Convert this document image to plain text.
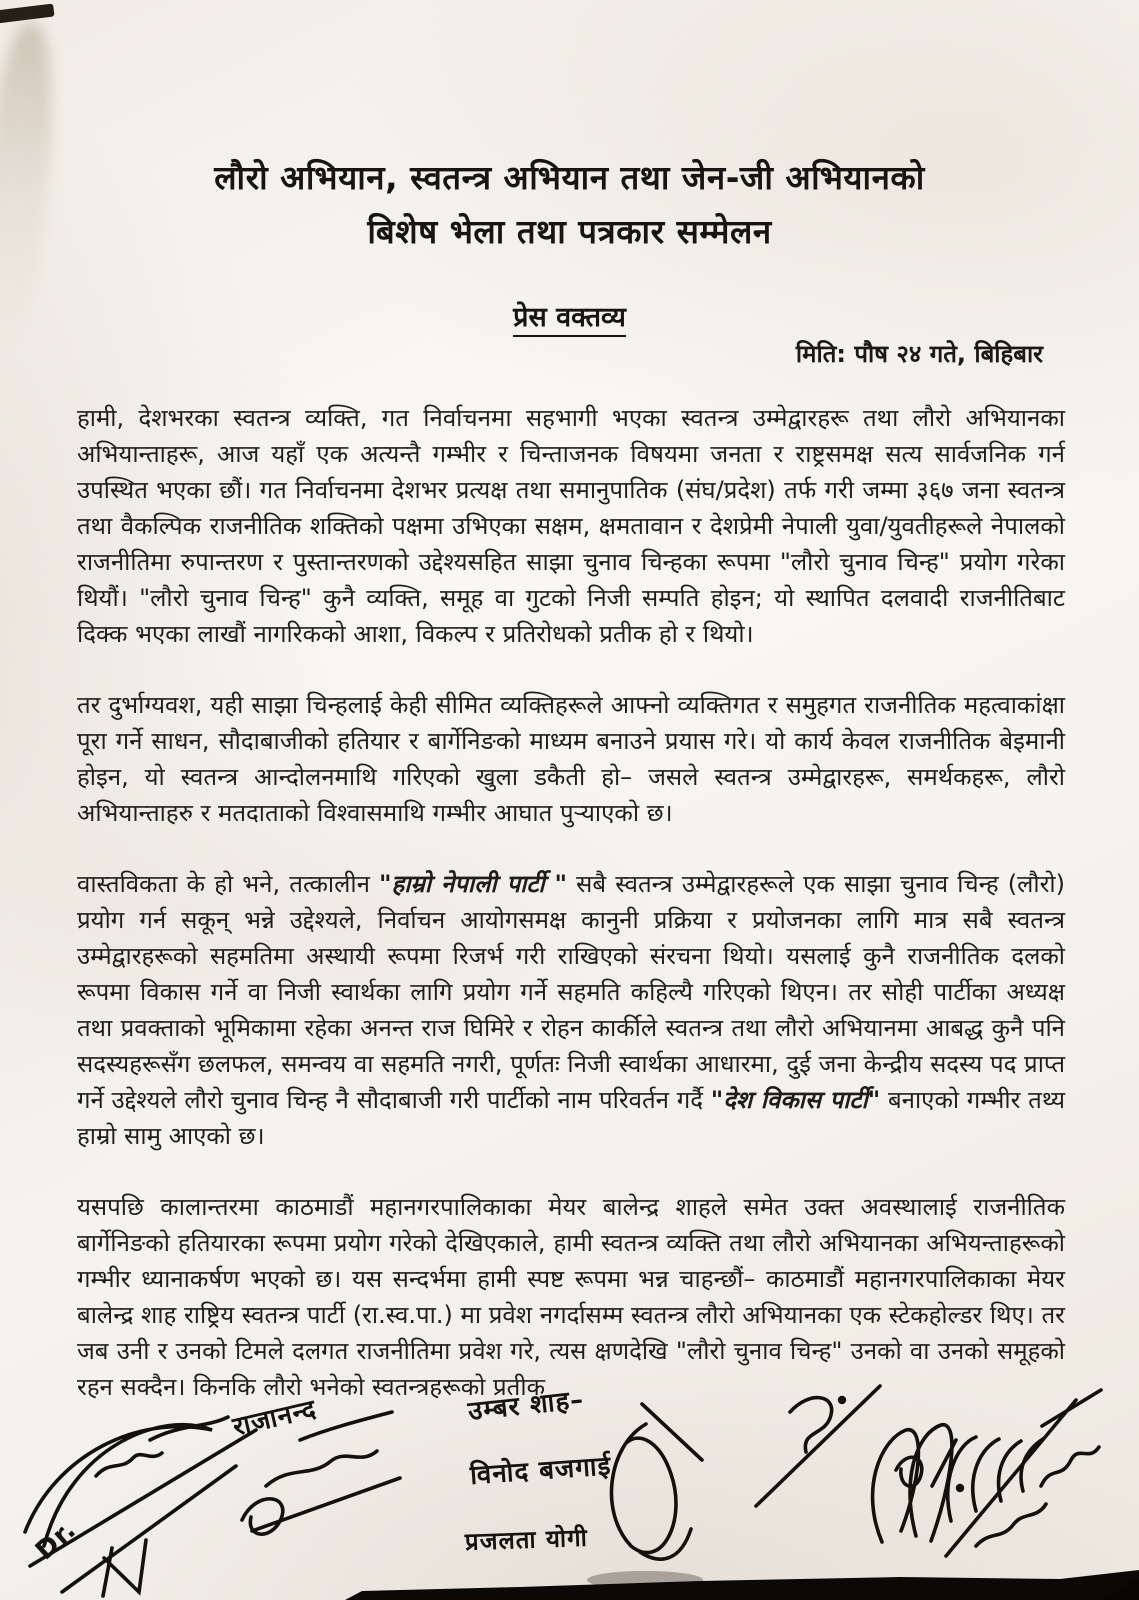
लौरो अभियान, स्वतन्त्र अभियान तथा जेन-जी अभियानको
बिशेष भेला तथा पत्रकार सम्मेलन
प्रेस वक्तव्य
मिति: पौष २४ गते, बिहिबार

हामी, देशभरका स्वतन्त्र व्यक्ति, गत निर्वाचनमा सहभागी भएका स्वतन्त्र उम्मेद्वारहरू तथा लौरो अभियानका अभियान्ताहरू, आज यहाँ एक अत्यन्तै गम्भीर र चिन्ताजनक विषयमा जनता र राष्ट्रसमक्ष सत्य सार्वजनिक गर्न उपस्थित भएका छौं। गत निर्वाचनमा देशभर प्रत्यक्ष तथा समानुपातिक (संघ/प्रदेश) तर्फ गरी जम्मा ३६७ जना स्वतन्त्र तथा वैकल्पिक राजनीतिक शक्तिको पक्षमा उभिएका सक्षम, क्षमतावान र देशप्रेमी नेपाली युवा/युवतीहरूले नेपालको राजनीतिमा रुपान्तरण र पुस्तान्तरणको उद्देश्यसहित साझा चुनाव चिन्हका रूपमा "लौरो चुनाव चिन्ह" प्रयोग गरेका थियौं। "लौरो चुनाव चिन्ह" कुनै व्यक्ति, समूह वा गुटको निजी सम्पति होइन; यो स्थापित दलवादी राजनीतिबाट दिक्क भएका लाखौं नागरिकको आशा, विकल्प र प्रतिरोधको प्रतीक हो र थियो।

तर दुर्भाग्यवश, यही साझा चिन्हलाई केही सीमित व्यक्तिहरूले आफ्नो व्यक्तिगत र समुहगत राजनीतिक महत्वाकांक्षा पूरा गर्ने साधन, सौदाबाजीको हतियार र बार्गेनिङको माध्यम बनाउने प्रयास गरे। यो कार्य केवल राजनीतिक बेइमानी होइन, यो स्वतन्त्र आन्दोलनमाथि गरिएको खुला डकैती हो– जसले स्वतन्त्र उम्मेद्वारहरू, समर्थकहरू, लौरो अभियान्ताहरु र मतदाताको विश्वासमाथि गम्भीर आघात पुऱ्याएको छ।

वास्तविकता के हो भने, तत्कालीन "हाम्रो नेपाली पार्टी " सबै स्वतन्त्र उम्मेद्वारहरूले एक साझा चुनाव चिन्ह (लौरो) प्रयोग गर्न सकून् भन्ने उद्देश्यले, निर्वाचन आयोगसमक्ष कानुनी प्रक्रिया र प्रयोजनका लागि मात्र सबै स्वतन्त्र उम्मेद्वारहरूको सहमतिमा अस्थायी रूपमा रिजर्भ गरी राखिएको संरचना थियो। यसलाई कुनै राजनीतिक दलको रूपमा विकास गर्ने वा निजी स्वार्थका लागि प्रयोग गर्ने सहमति कहिल्यै गरिएको थिएन। तर सोही पार्टीका अध्यक्ष तथा प्रवक्ताको भूमिकामा रहेका अनन्त राज घिमिरे र रोहन कार्कीले स्वतन्त्र तथा लौरो अभियानमा आबद्ध कुनै पनि सदस्यहरूसँग छलफल, समन्वय वा सहमति नगरी, पूर्णतः निजी स्वार्थका आधारमा, दुई जना केन्द्रीय सदस्य पद प्राप्त गर्ने उद्देश्यले लौरो चुनाव चिन्ह नै सौदाबाजी गरी पार्टीको नाम परिवर्तन गर्दै "देश विकास पार्टी" बनाएको गम्भीर तथ्य हाम्रो सामु आएको छ।

यसपछि कालान्तरमा काठमाडौं महानगरपालिकाका मेयर बालेन्द्र शाहले समेत उक्त अवस्थालाई राजनीतिक बार्गेनिङको हतियारका रूपमा प्रयोग गरेको देखिएकाले, हामी स्वतन्त्र व्यक्ति तथा लौरो अभियानका अभियन्ताहरूको गम्भीर ध्यानाकर्षण भएको छ। यस सन्दर्भमा हामी स्पष्ट रूपमा भन्न चाहन्छौं– काठमाडौं महानगरपालिकाका मेयर बालेन्द्र शाह राष्ट्रिय स्वतन्त्र पार्टी (रा.स्व.पा.) मा प्रवेश नगर्दासम्म स्वतन्त्र लौरो अभियानका एक स्टेकहोल्डर थिए। तर जब उनी र उनको टिमले दलगत राजनीतिमा प्रवेश गरे, त्यस क्षणदेखि "लौरो चुनाव चिन्ह" उनको वा उनको समूहको रहन सक्दैन। किनकि लौरो भनेको स्वतन्त्रहरूको प्रतीक

राजानन्द	उम्बर शाह–
विनोद बजगाई
प्रजलता योगी
Dr.
